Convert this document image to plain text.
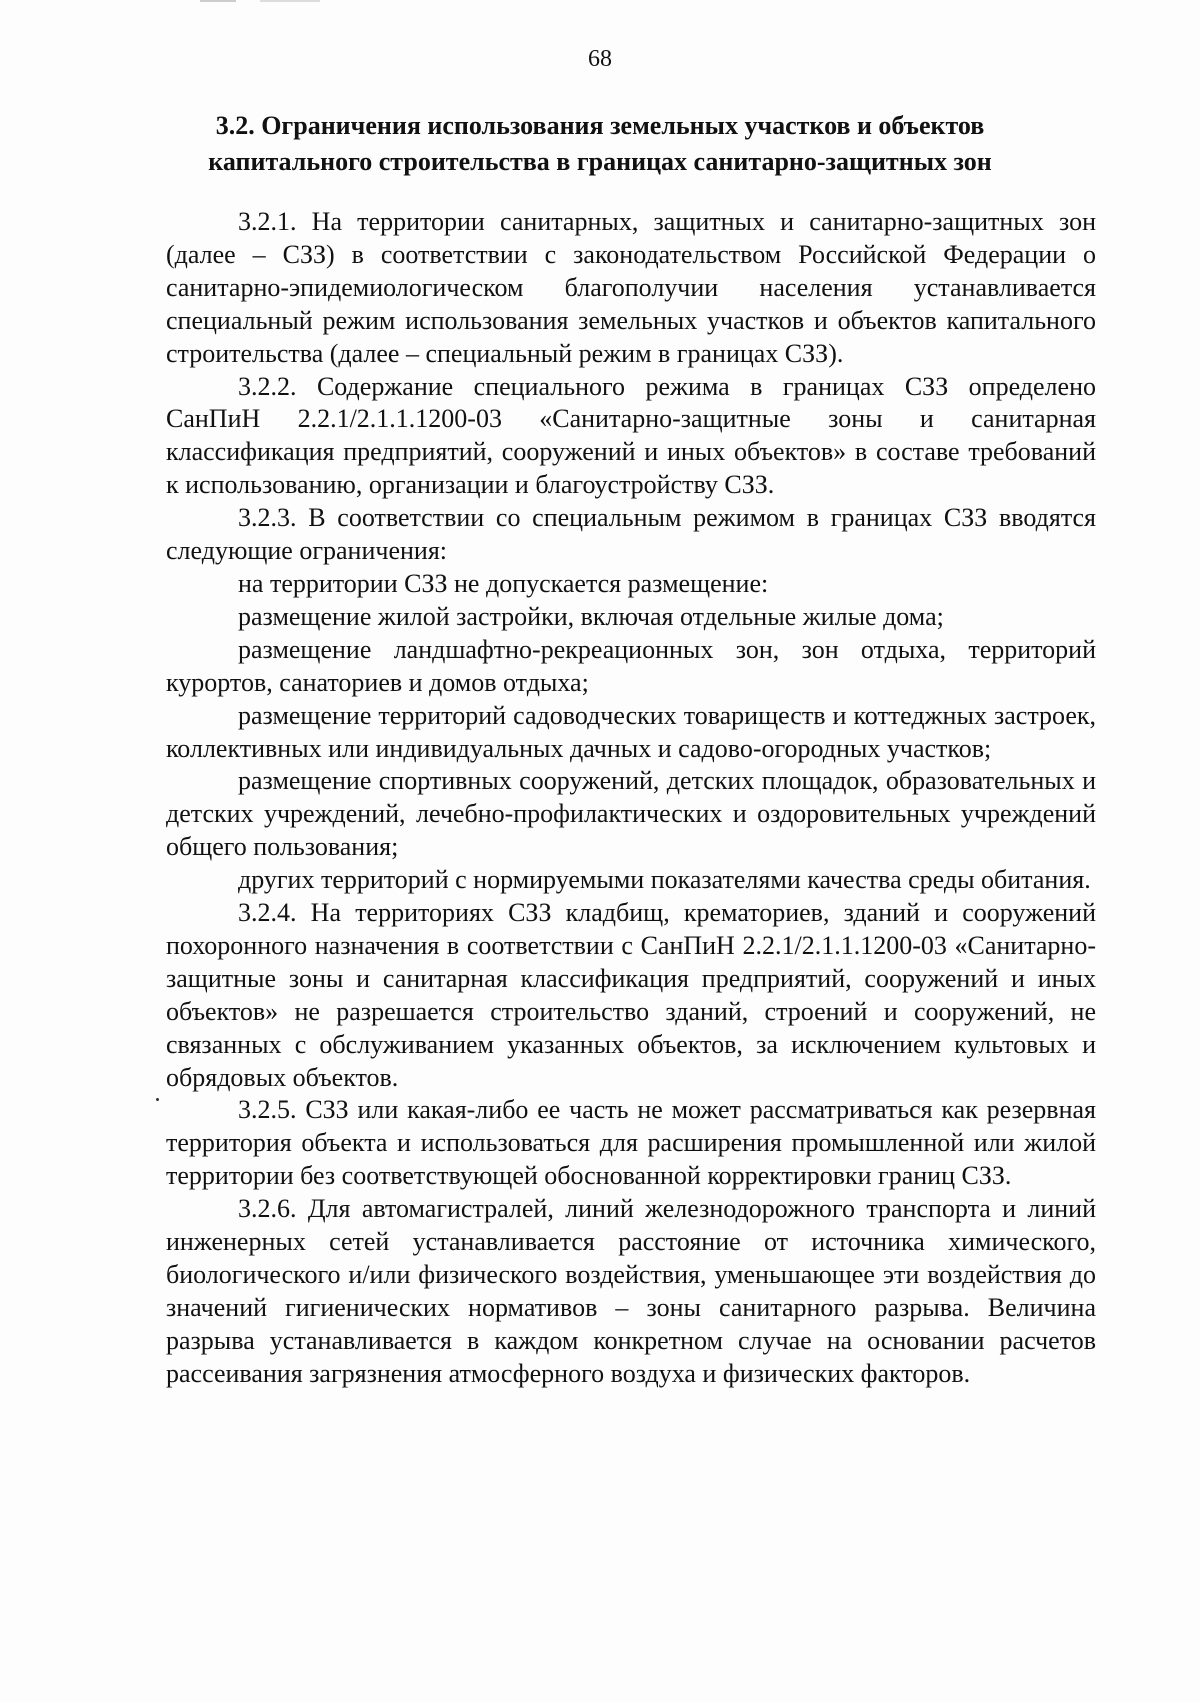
68
3.2. Ограничения использования земельных участков и объектов
капитального строительства в границах санитарно-защитных зон

3.2.1. На территории санитарных, защитных и санитарно-защитных зон (далее – СЗЗ) в соответствии с законодательством Российской Федерации о санитарно-эпидемиологическом благополучии населения устанавливается специальный режим использования земельных участков и объектов капитального строительства (далее – специальный режим в границах СЗЗ).

3.2.2. Содержание специального режима в границах СЗЗ определено СанПиН 2.2.1/2.1.1.1200-03 «Санитарно-защитные зоны и санитарная классификация предприятий, сооружений и иных объектов» в составе требований к использованию, организации и благоустройству СЗЗ.

3.2.3. В соответствии со специальным режимом в границах СЗЗ вводятся следующие ограничения:

на территории СЗЗ не допускается размещение:

размещение жилой застройки, включая отдельные жилые дома;

размещение ландшафтно-рекреационных зон, зон отдыха, территорий курортов, санаториев и домов отдыха;

размещение территорий садоводческих товариществ и коттеджных застроек, коллективных или индивидуальных дачных и садово-огородных участков;

размещение спортивных сооружений, детских площадок, образовательных и детских учреждений, лечебно-профилактических и оздоровительных учреждений общего пользования;

других территорий с нормируемыми показателями качества среды обитания.

3.2.4. На территориях СЗЗ кладбищ, крематориев, зданий и сооружений похоронного назначения в соответствии с СанПиН 2.2.1/2.1.1.1200-03 «Санитарно-защитные зоны и санитарная классификация предприятий, сооружений и иных объектов» не разрешается строительство зданий, строений и сооружений, не связанных с обслуживанием указанных объектов, за исключением культовых и обрядовых объектов.

3.2.5. СЗЗ или какая-либо ее часть не может рассматриваться как резервная территория объекта и использоваться для расширения промышленной или жилой территории без соответствующей обоснованной корректировки границ СЗЗ.

3.2.6. Для автомагистралей, линий железнодорожного транспорта и линий инженерных сетей устанавливается расстояние от источника химического, биологического и/или физического воздействия, уменьшающее эти воздействия до значений гигиенических нормативов – зоны санитарного разрыва. Величина разрыва устанавливается в каждом конкретном случае на основании расчетов рассеивания загрязнения атмосферного воздуха и физических факторов.
